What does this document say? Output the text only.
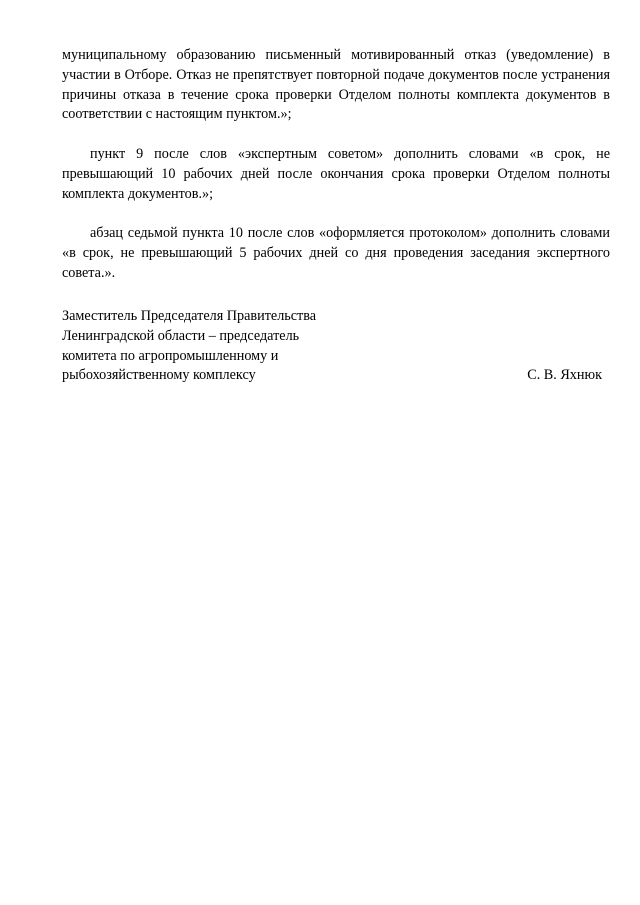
муниципальному образованию письменный мотивированный отказ (уведомление) в участии в Отборе. Отказ не препятствует повторной подаче документов после устранения причины отказа в течение срока проверки Отделом полноты комплекта документов в соответствии с настоящим пунктом.»;

пункт 9 после слов «экспертным советом» дополнить словами «в срок, не превышающий 10 рабочих дней после окончания срока проверки Отделом полноты комплекта документов.»;

абзац седьмой пункта 10 после слов «оформляется протоколом» дополнить словами «в срок, не превышающий 5 рабочих дней со дня проведения заседания экспертного совета.».

Заместитель Председателя Правительства
Ленинградской области – председатель
комитета по агропромышленному и
рыбохозяйственному комплексу	С. В. Яхнюк
